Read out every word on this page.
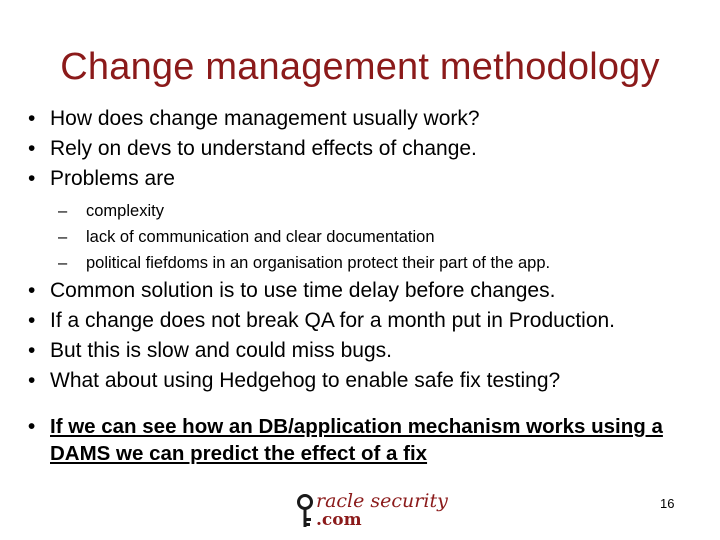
Change management methodology
• How does change management usually work?
• Rely on devs to understand effects of change.
• Problems are
– complexity
– lack of communication and clear documentation
– political fiefdoms in an organisation protect their part of the app.
• Common solution is to use time delay before changes.
• If a change does not break QA for a month put in Production.
• But this is slow and could miss bugs.
• What about using Hedgehog to enable safe fix testing?
• If we can see how an DB/application mechanism works using a DAMS we can predict the effect of a fix
racle security
.com
16
